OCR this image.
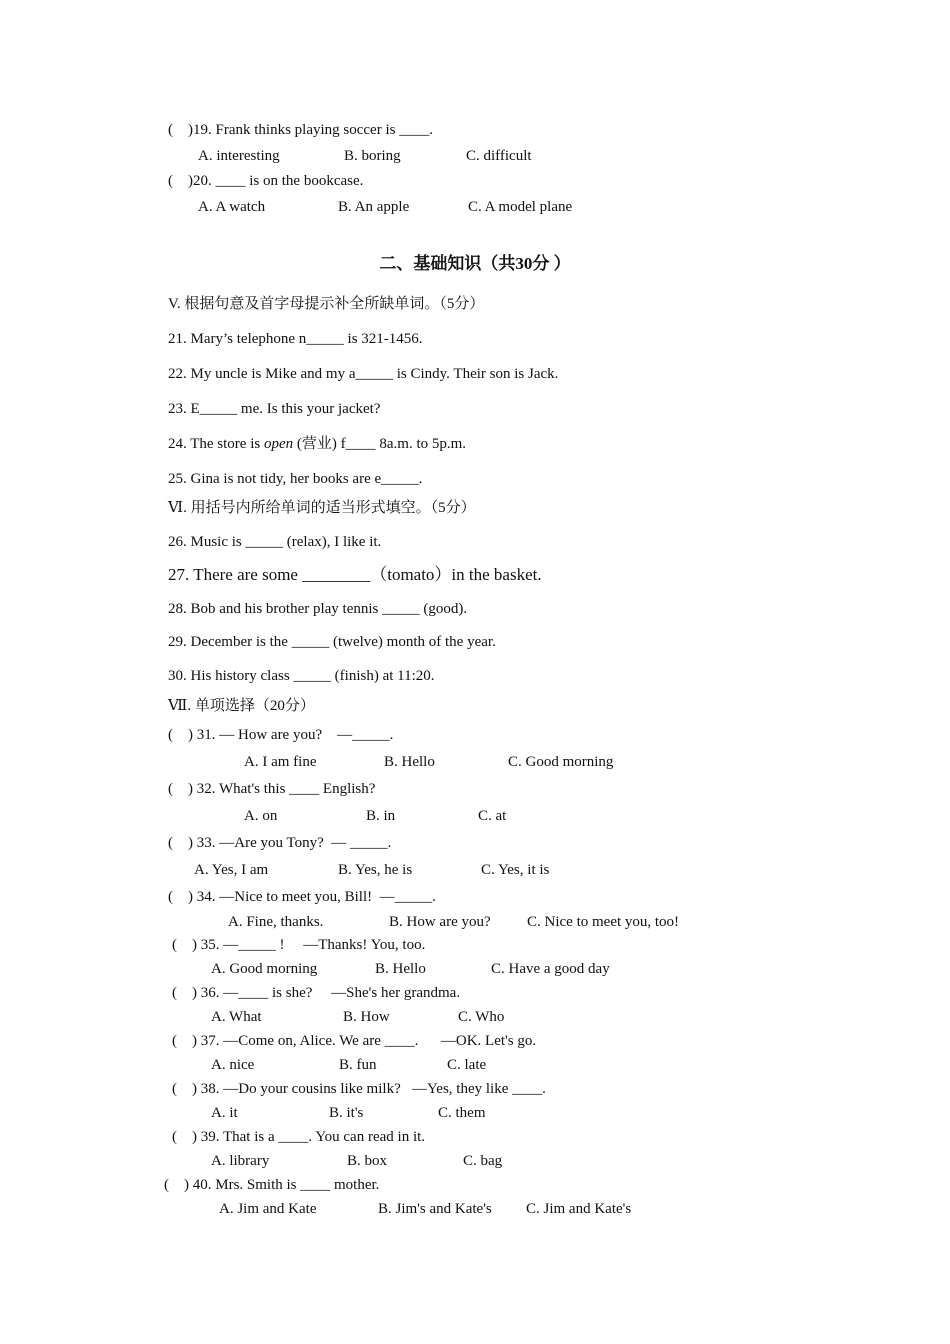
(    )19. Frank thinks playing soccer is ____.
A. interesting	B. boring	C. difficult
(    )20. ____ is on the bookcase.
A. A watch	B. An apple	C. A model plane
二、基础知识（共30分 ）
V. 根据句意及首字母提示补全所缺单词。（5分）
21. Mary’s telephone n_____ is 321-1456.
22. My uncle is Mike and my a_____ is Cindy. Their son is Jack.
23. E_____ me. Is this your jacket?
24. The store is open (营业) f____ 8a.m. to 5p.m.
25. Gina is not tidy, her books are e_____.
Ⅵ. 用括号内所给单词的适当形式填空。（5分）
26. Music is _____ (relax), I like it.
27. There are some ________（tomato）in the basket.
28. Bob and his brother play tennis _____ (good).
29. December is the _____ (twelve) month of the year.
30. His history class _____ (finish) at 11:20.
Ⅶ. 单项选择（20分）
(    ) 31. — How are you?    —_____.
A. I am fine	B. Hello	C. Good morning
(    ) 32. What's this ____ English?
A. on	B. in	C. at
(    ) 33. —Are you Tony?  — _____.
A. Yes, I am	B. Yes, he is	C. Yes, it is
(    ) 34. —Nice to meet you, Bill!  —_____.
A. Fine, thanks.	B. How are you? C. Nice to meet you, too!
(    ) 35. —_____ !     —Thanks! You, too.
A. Good morning	B. Hello	C. Have a good day
(    ) 36. —____ is she?     —She's her grandma.
A. What	B. How	C. Who
(    ) 37. —Come on, Alice. We are ____.      —OK. Let's go.
A. nice	B. fun	C. late
(    ) 38. —Do your cousins like milk?   —Yes, they like ____.
A. it	B. it's	C. them
(    ) 39. That is a ____. You can read in it.
A. library	B. box	C. bag
(    ) 40. Mrs. Smith is ____ mother.
A. Jim and Kate	B. Jim's and Kate's C. Jim and Kate's
